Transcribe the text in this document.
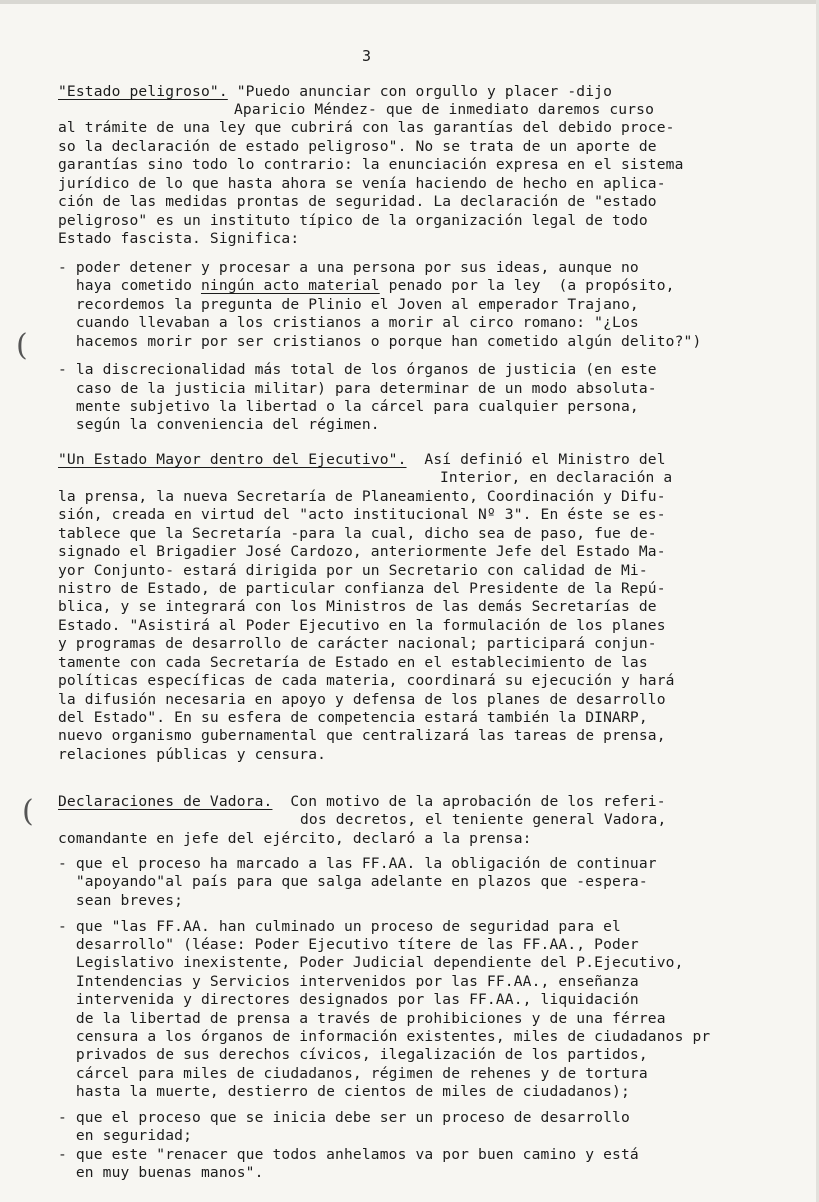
3
(
(
"Estado peligroso". "Puedo anunciar con orgullo y placer -dijo
Aparicio Méndez- que de inmediato daremos curso
al trámite de una ley que cubrirá con las garantías del debido proce-
so la declaración de estado peligroso". No se trata de un aporte de
garantías sino todo lo contrario: la enunciación expresa en el sistema
jurídico de lo que hasta ahora se venía haciendo de hecho en aplica-
ción de las medidas prontas de seguridad. La declaración de "estado
peligroso" es un instituto típico de la organización legal de todo
Estado fascista. Significa:
- poder detener y procesar a una persona por sus ideas, aunque no
haya cometido ningún acto material penado por la ley  (a propósito,
recordemos la pregunta de Plinio el Joven al emperador Trajano,
cuando llevaban a los cristianos a morir al circo romano: "¿Los
hacemos morir por ser cristianos o porque han cometido algún delito?")
- la discrecionalidad más total de los órganos de justicia (en este
caso de la justicia militar) para determinar de un modo absoluta-
mente subjetivo la libertad o la cárcel para cualquier persona,
según la conveniencia del régimen.
"Un Estado Mayor dentro del Ejecutivo".  Así definió el Ministro del
Interior, en declaración a
la prensa, la nueva Secretaría de Planeamiento, Coordinación y Difu-
sión, creada en virtud del "acto institucional Nº 3". En éste se es-
tablece que la Secretaría -para la cual, dicho sea de paso, fue de-
signado el Brigadier José Cardozo, anteriormente Jefe del Estado Ma-
yor Conjunto- estará dirigida por un Secretario con calidad de Mi-
nistro de Estado, de particular confianza del Presidente de la Repú-
blica, y se integrará con los Ministros de las demás Secretarías de
Estado. "Asistirá al Poder Ejecutivo en la formulación de los planes
y programas de desarrollo de carácter nacional; participará conjun-
tamente con cada Secretaría de Estado en el establecimiento de las
políticas específicas de cada materia, coordinará su ejecución y hará
la difusión necesaria en apoyo y defensa de los planes de desarrollo
del Estado". En su esfera de competencia estará también la DINARP,
nuevo organismo gubernamental que centralizará las tareas de prensa,
relaciones públicas y censura.
Declaraciones de Vadora.  Con motivo de la aprobación de los referi-
dos decretos, el teniente general Vadora,
comandante en jefe del ejército, declaró a la prensa:
- que el proceso ha marcado a las FF.AA. la obligación de continuar
"apoyando"al país para que salga adelante en plazos que -espera-
sean breves;
- que "las FF.AA. han culminado un proceso de seguridad para el
desarrollo" (léase: Poder Ejecutivo títere de las FF.AA., Poder
Legislativo inexistente, Poder Judicial dependiente del P.Ejecutivo,
Intendencias y Servicios intervenidos por las FF.AA., enseñanza
intervenida y directores designados por las FF.AA., liquidación
de la libertad de prensa a través de prohibiciones y de una férrea
censura a los órganos de información existentes, miles de ciudadanos pr
privados de sus derechos cívicos, ilegalización de los partidos,
cárcel para miles de ciudadanos, régimen de rehenes y de tortura
hasta la muerte, destierro de cientos de miles de ciudadanos);
- que el proceso que se inicia debe ser un proceso de desarrollo
en seguridad;
- que este "renacer que todos anhelamos va por buen camino y está
en muy buenas manos".
